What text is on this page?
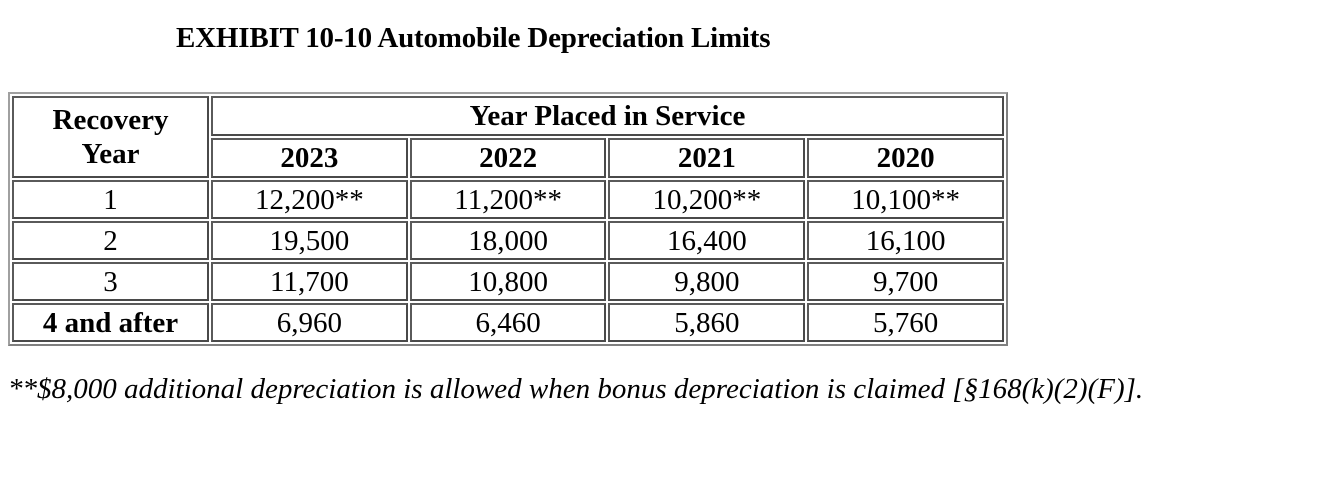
EXHIBIT 10-10 Automobile Depreciation Limits
Recovery
Year	Year Placed in Service			
	2023	2022	2021	2020
1	12,200**	11,200**	10,200**	10,100**
2	19,500	18,000	16,400	16,100
3	11,700	10,800	9,800	9,700
4 and after	6,960	6,460	5,860	5,760
**$8,000 additional depreciation is allowed when bonus depreciation is claimed [§168(k)(2)(F)].
